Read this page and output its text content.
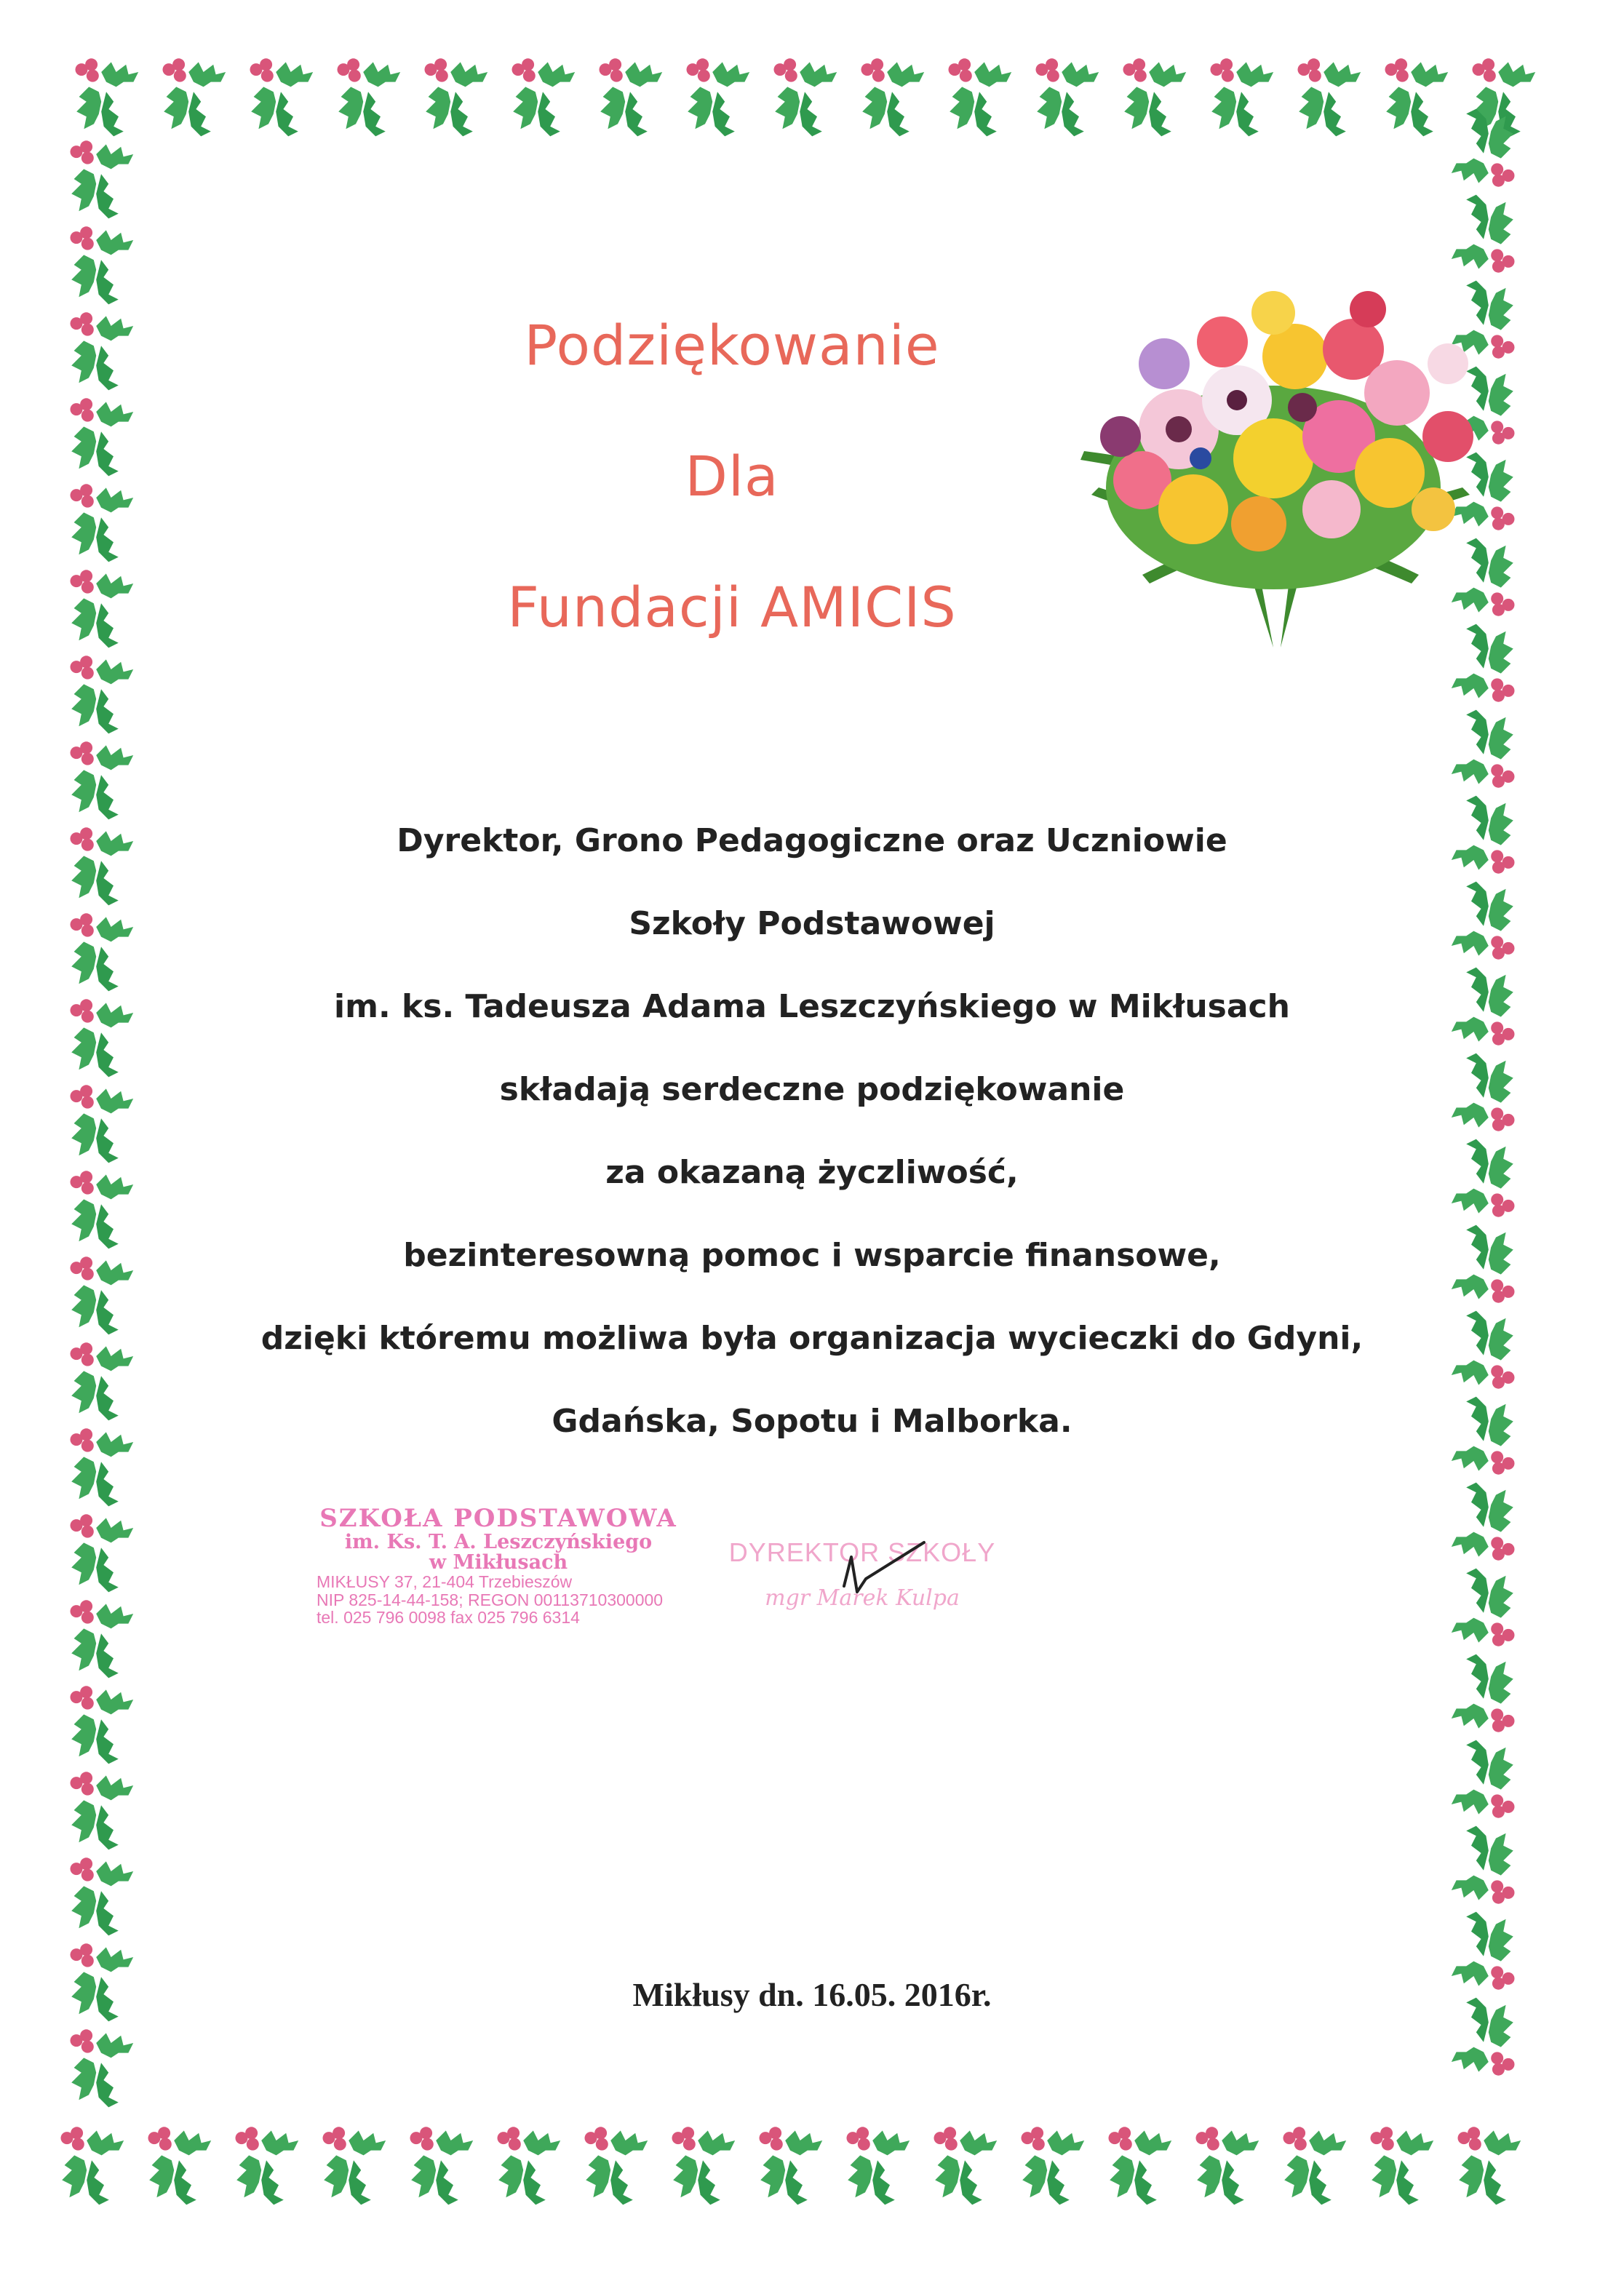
Podziękowanie
Dla
Fundacji AMICIS
Dyrektor, Grono Pedagogiczne oraz Uczniowie
Szkoły Podstawowej
im. ks. Tadeusza Adama Leszczyńskiego w Mikłusach
składają serdeczne podziękowanie
za okazaną życzliwość,
bezinteresowną pomoc i wsparcie finansowe,
dzięki któremu możliwa była organizacja wycieczki do Gdyni,
Gdańska, Sopotu i Malborka.
SZKOŁA PODSTAWOWA
im. Ks. T. A. Leszczyńskiego
w Mikłusach
MIKŁUSY 37, 21-404 Trzebieszów
NIP 825-14-44-158; REGON 00113710300000
tel. 025 796 0098 fax 025 796 6314
DYREKTOR SZKOŁY
mgr Marek Kulpa
Mikłusy dn. 16.05. 2016r.
